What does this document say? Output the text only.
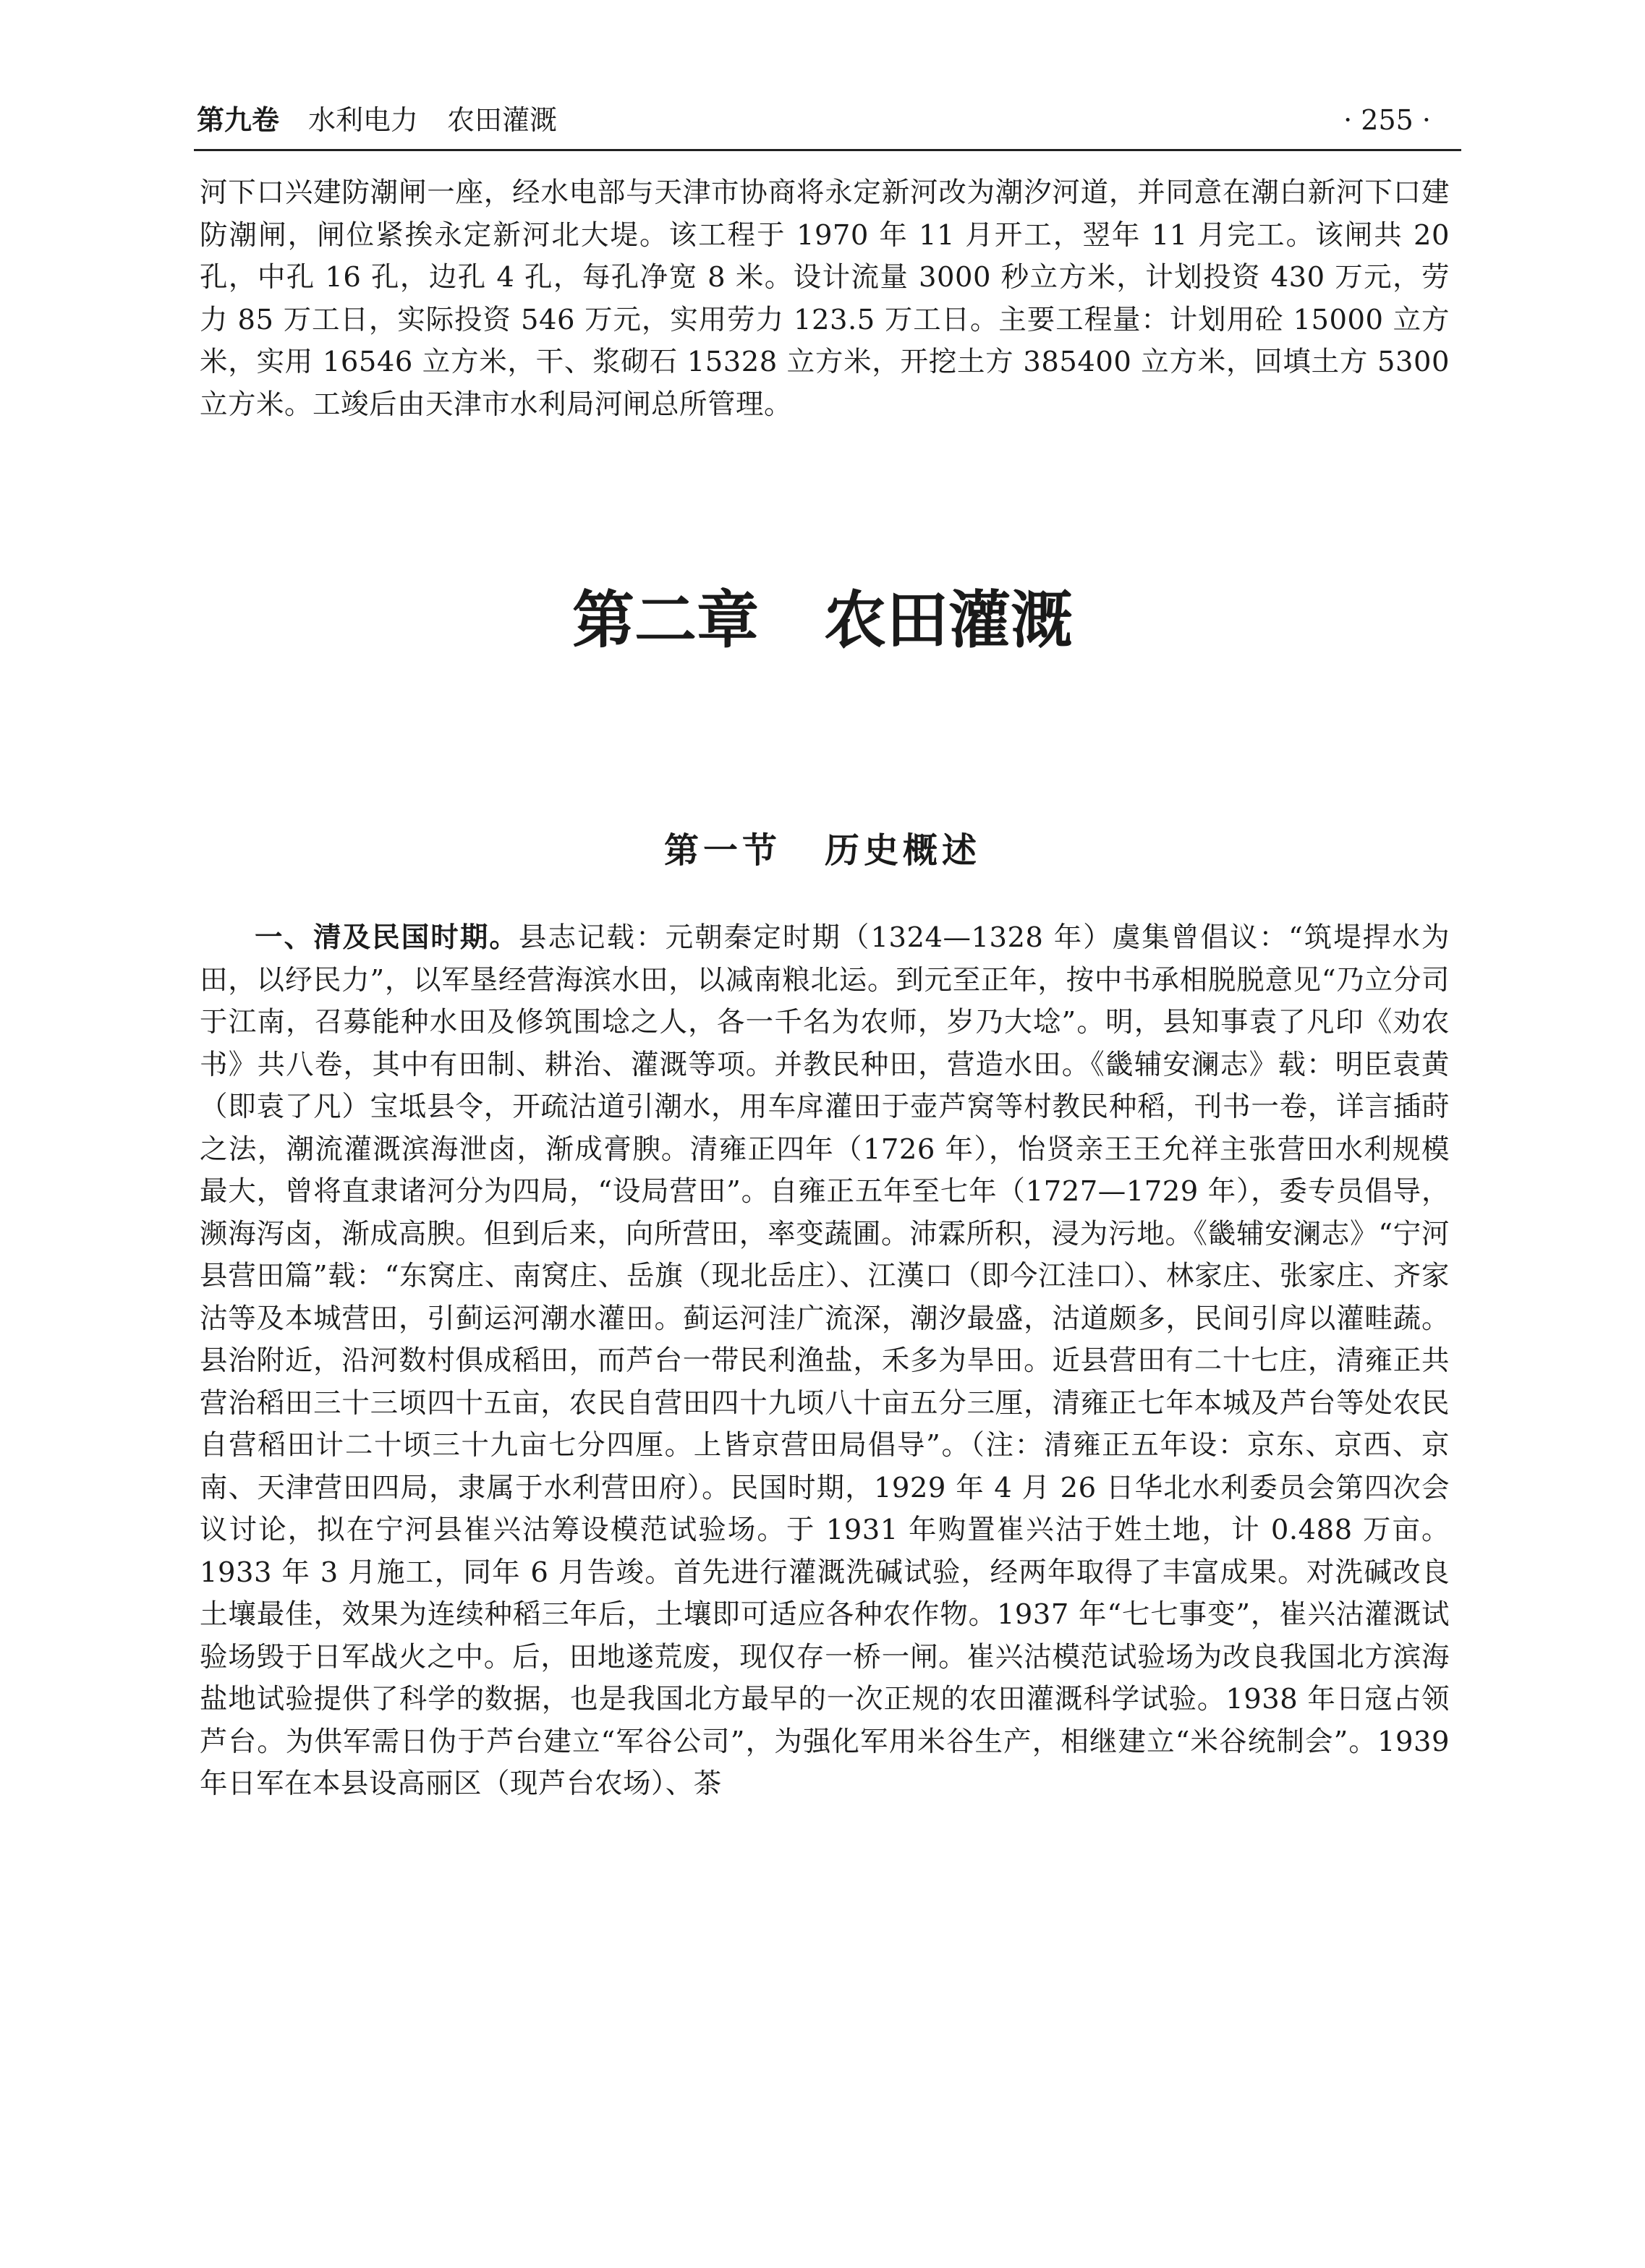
第九卷 水利电力 农田灌溉	· 255 ·

河下口兴建防潮闸一座，经水电部与天津市协商将永定新河改为潮汐河道，并同意在潮白新河下口建防潮闸，闸位紧挨永定新河北大堤。该工程于 1970 年 11 月开工，翌年 11 月完工。该闸共 20 孔，中孔 16 孔，边孔 4 孔，每孔净宽 8 米。设计流量 3000 秒立方米，计划投资 430 万元，劳力 85 万工日，实际投资 546 万元，实用劳力 123.5 万工日。主要工程量：计划用砼 15000 立方米，实用 16546 立方米，干、浆砌石 15328 立方米，开挖土方 385400 立方米，回填土方 5300 立方米。工竣后由天津市水利局河闸总所管理。

第二章 农田灌溉
第一节 历史概述

一、清及民国时期。县志记载：元朝秦定时期（1324—1328 年）虞集曾倡议：“筑堤捍水为田，以纾民力”，以军垦经营海滨水田，以减南粮北运。到元至正年，按中书承相脱脱意见“乃立分司于江南，召募能种水田及修筑围埝之人，各一千名为农师，岁乃大埝”。明，县知事袁了凡印《劝农书》共八卷，其中有田制、耕治、灌溉等项。并教民种田，营造水田。《畿辅安澜志》载：明臣袁黄（即袁了凡）宝坻县令，开疏沽道引潮水，用车戽灌田于壶芦窝等村教民种稻，刊书一卷，详言插莳之法，潮流灌溉滨海泄卤，渐成膏腴。清雍正四年（1726 年），怡贤亲王王允祥主张营田水利规模最大，曾将直隶诸河分为四局，“设局营田”。自雍正五年至七年（1727—1729 年），委专员倡导，濒海泻卤，渐成高腴。但到后来，向所营田，率变蔬圃。沛霖所积，浸为污地。《畿辅安澜志》“宁河县营田篇”载：“东窝庄、南窝庄、岳旗（现北岳庄）、江漢口（即今江洼口）、林家庄、张家庄、齐家沽等及本城营田，引蓟运河潮水灌田。蓟运河洼广流深，潮汐最盛，沽道颇多，民间引戽以灌畦蔬。县治附近，沿河数村俱成稻田，而芦台一带民利渔盐，禾多为旱田。近县营田有二十七庄，清雍正共营治稻田三十三顷四十五亩，农民自营田四十九顷八十亩五分三厘，清雍正七年本城及芦台等处农民自营稻田计二十顷三十九亩七分四厘。上皆京营田局倡导”。（注：清雍正五年设：京东、京西、京南、天津营田四局，隶属于水利营田府）。民国时期，1929 年 4 月 26 日华北水利委员会第四次会议讨论，拟在宁河县崔兴沽筹设模范试验场。于 1931 年购置崔兴沽于姓土地，计 0.488 万亩。1933 年 3 月施工，同年 6 月告竣。首先进行灌溉洗碱试验，经两年取得了丰富成果。对洗碱改良土壤最佳，效果为连续种稻三年后，土壤即可适应各种农作物。1937 年“七七事变”，崔兴沽灌溉试验场毁于日军战火之中。后，田地遂荒废，现仅存一桥一闸。崔兴沽模范试验场为改良我国北方滨海盐地试验提供了科学的数据，也是我国北方最早的一次正规的农田灌溉科学试验。1938 年日寇占领芦台。为供军需日伪于芦台建立“军谷公司”，为强化军用米谷生产，相继建立“米谷统制会”。1939 年日军在本县设高丽区（现芦台农场）、茶
